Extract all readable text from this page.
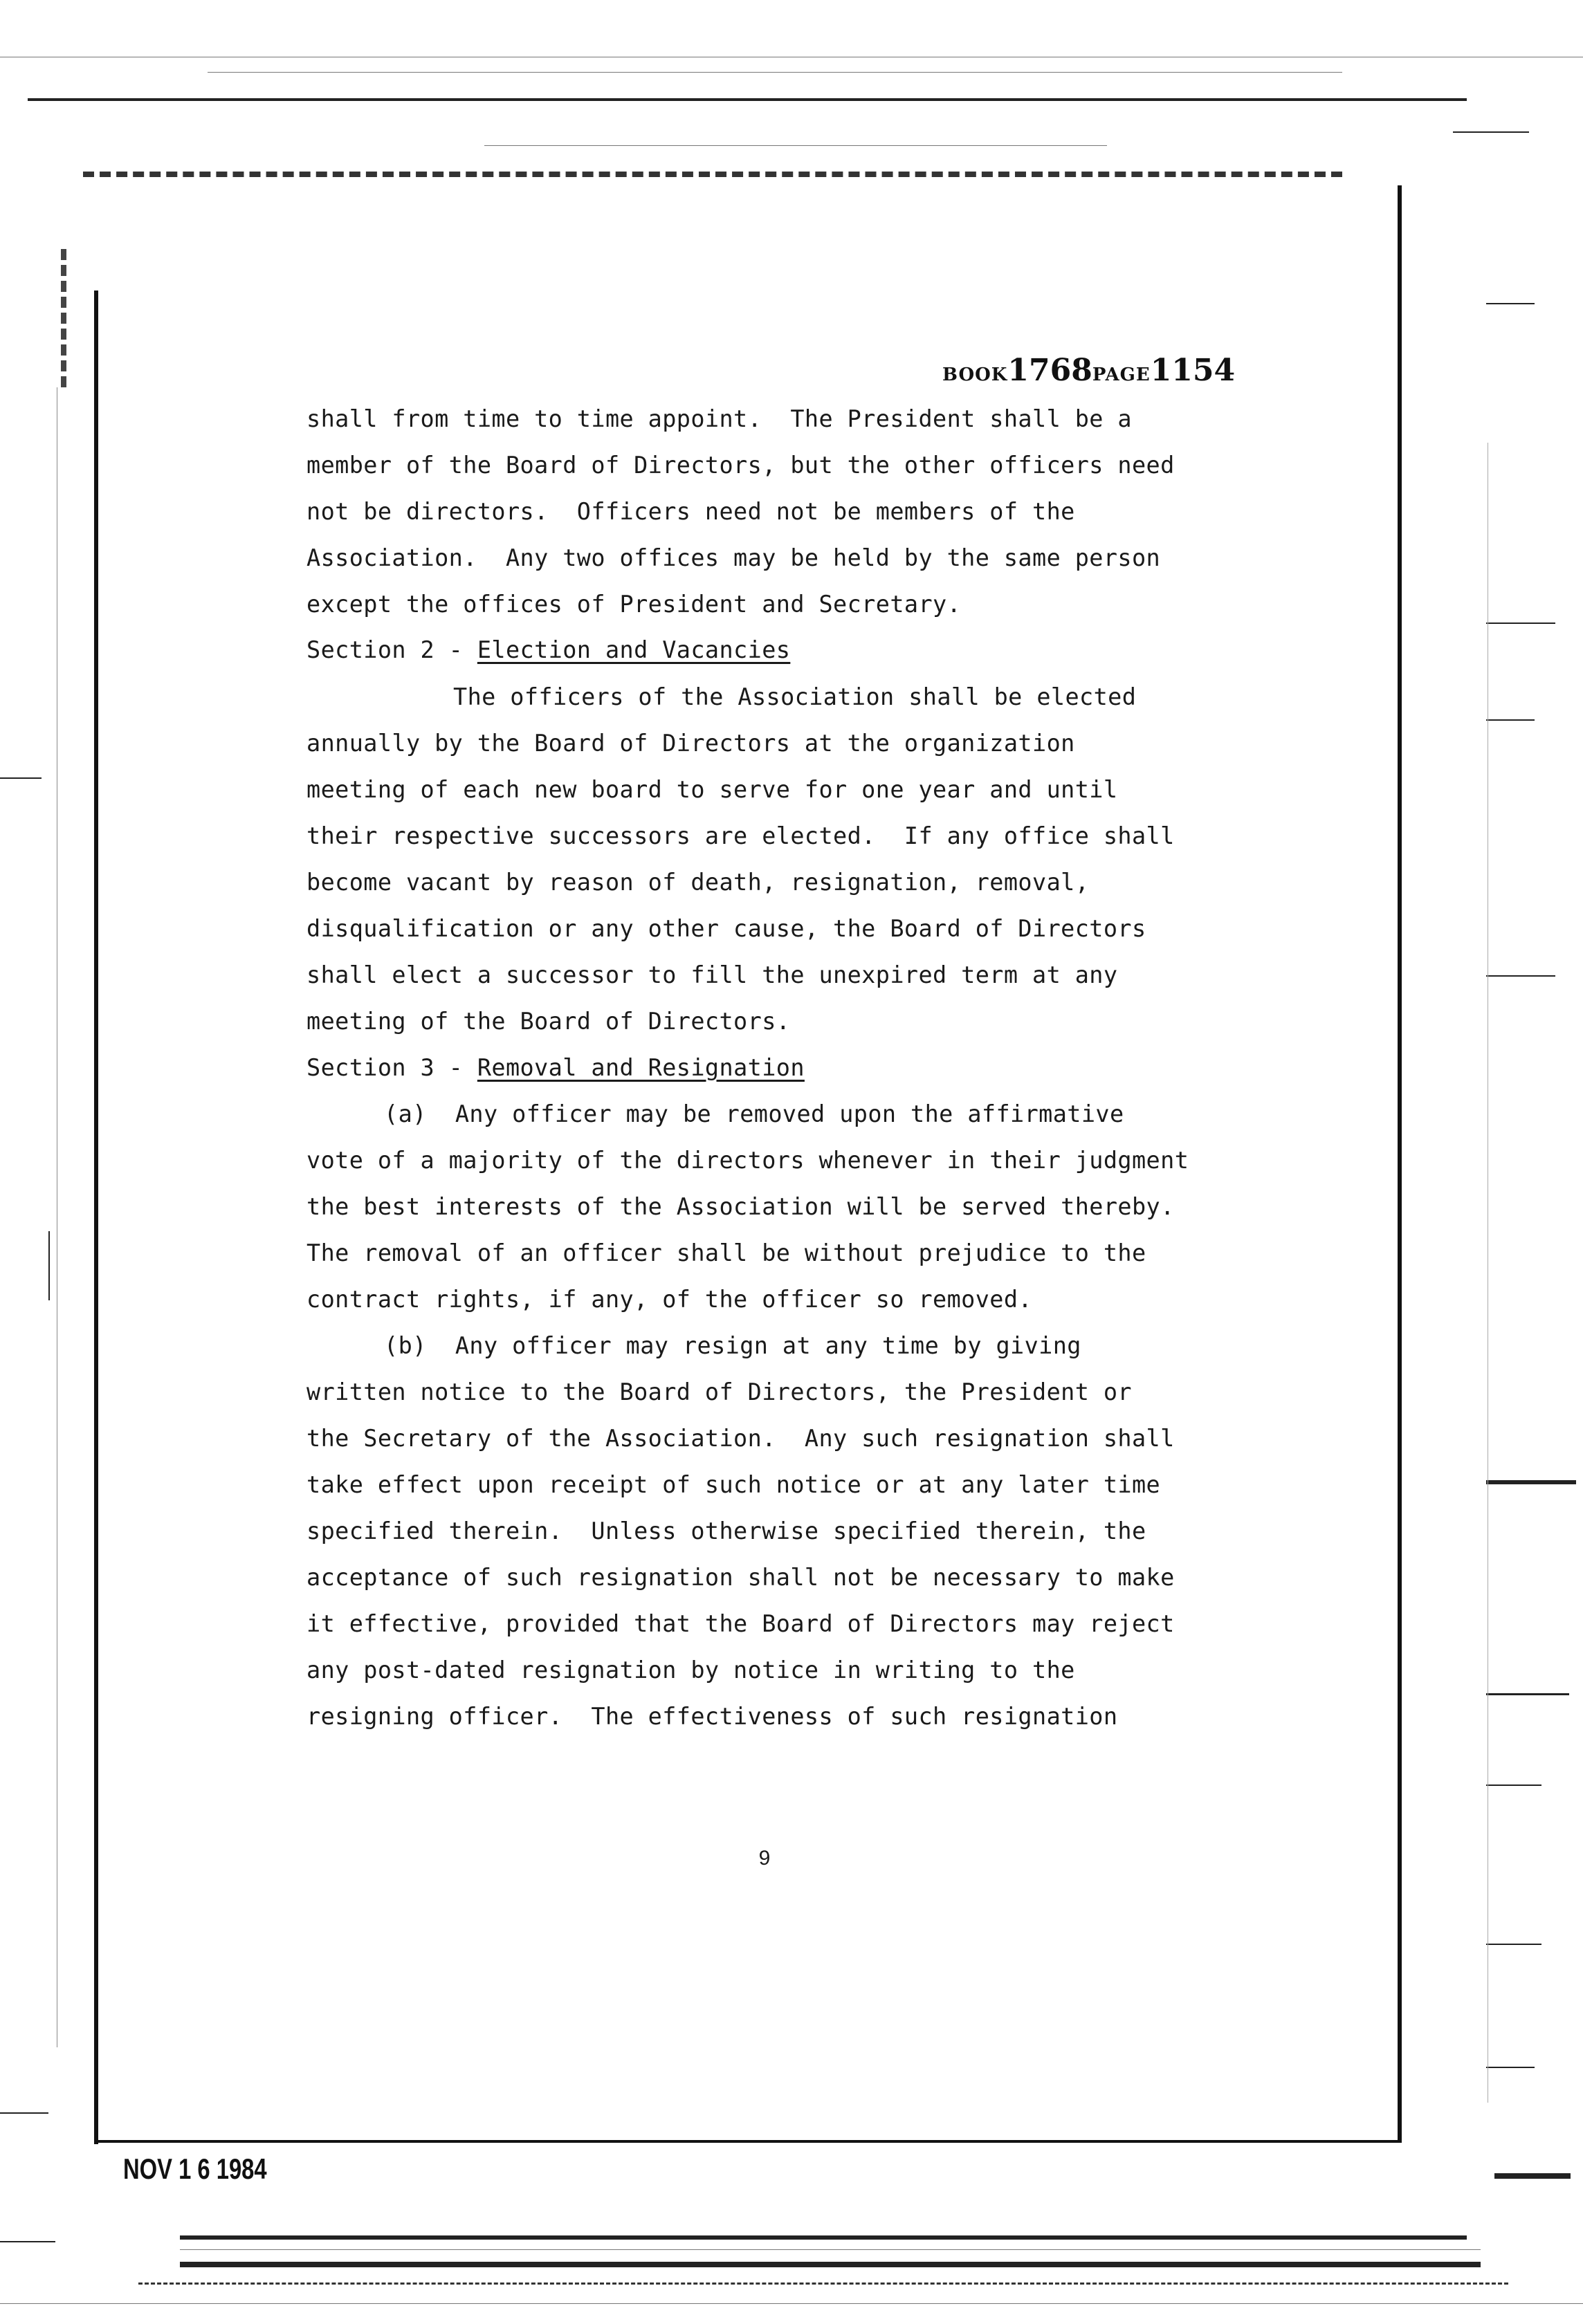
BOOK1768PAGE1154
shall from time to time appoint.  The President shall be a
member of the Board of Directors, but the other officers need
not be directors.  Officers need not be members of the
Association.  Any two offices may be held by the same person
except the offices of President and Secretary.
Section 2 - Election and Vacancies
The officers of the Association shall be elected
annually by the Board of Directors at the organization
meeting of each new board to serve for one year and until
their respective successors are elected.  If any office shall
become vacant by reason of death, resignation, removal,
disqualification or any other cause, the Board of Directors
shall elect a successor to fill the unexpired term at any
meeting of the Board of Directors.
Section 3 - Removal and Resignation
(a)  Any officer may be removed upon the affirmative
vote of a majority of the directors whenever in their judgment
the best interests of the Association will be served thereby.
The removal of an officer shall be without prejudice to the
contract rights, if any, of the officer so removed.
(b)  Any officer may resign at any time by giving
written notice to the Board of Directors, the President or
the Secretary of the Association.  Any such resignation shall
take effect upon receipt of such notice or at any later time
specified therein.  Unless otherwise specified therein, the
acceptance of such resignation shall not be necessary to make
it effective, provided that the Board of Directors may reject
any post-dated resignation by notice in writing to the
resigning officer.  The effectiveness of such resignation
9
NOV 1 6 1984
